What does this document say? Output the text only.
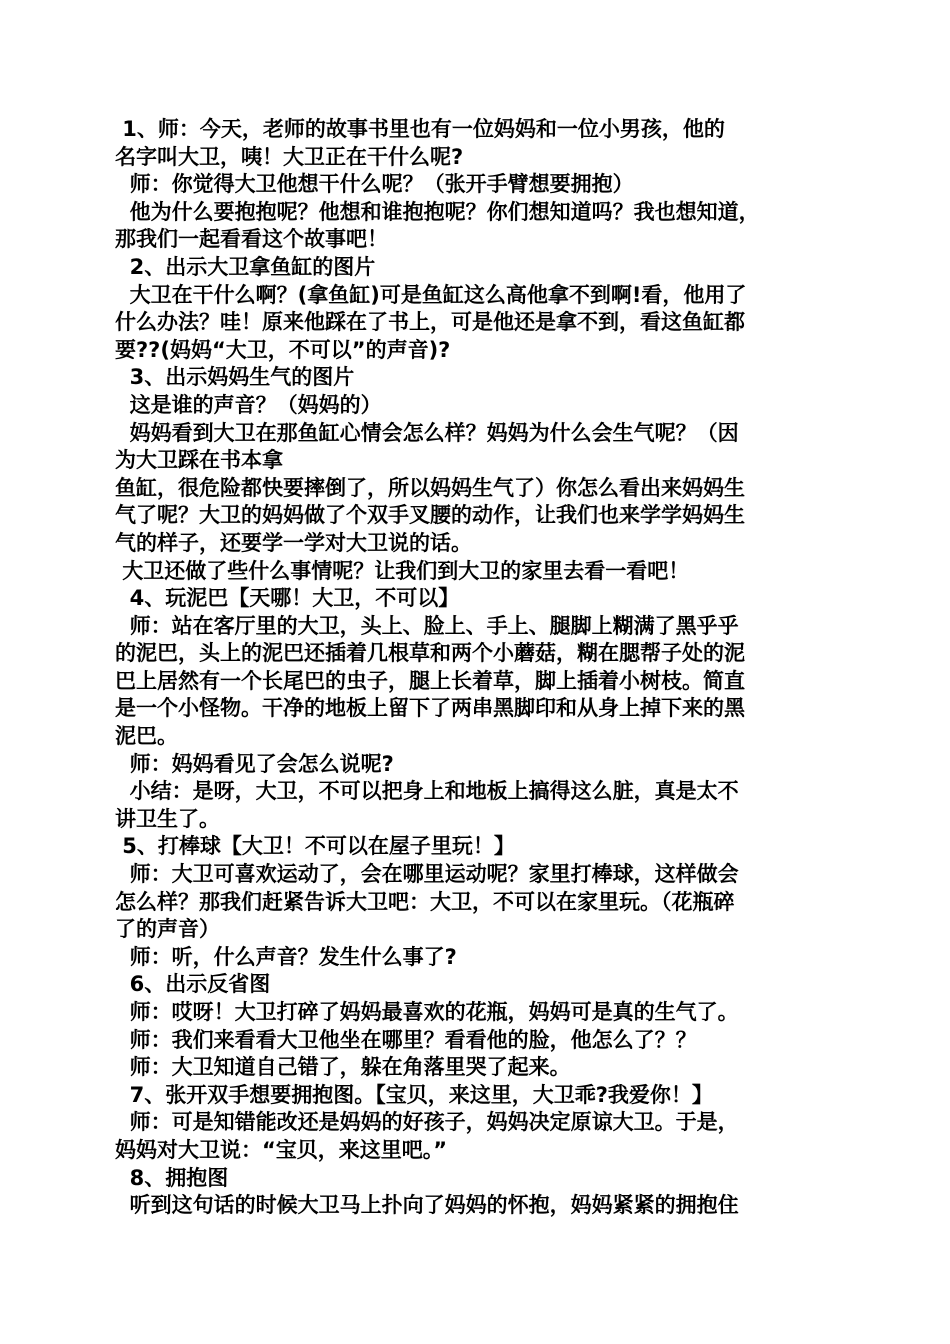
1、师：今天，老师的故事书里也有一位妈妈和一位小男孩，他的
名字叫大卫，咦！大卫正在干什么呢?
师：你觉得大卫他想干什么呢？（张开手臂想要拥抱）
他为什么要抱抱呢？他想和谁抱抱呢？你们想知道吗？我也想知道，
那我们一起看看这个故事吧！
2、出示大卫拿鱼缸的图片
大卫在干什么啊？(拿鱼缸)可是鱼缸这么高他拿不到啊!看，他用了
什么办法？哇！原来他踩在了书上，可是他还是拿不到，看这鱼缸都
要??(妈妈“大卫，不可以”的声音)?
3、出示妈妈生气的图片
这是谁的声音？（妈妈的）
妈妈看到大卫在那鱼缸心情会怎么样？妈妈为什么会生气呢？（因
为大卫踩在书本拿
鱼缸，很危险都快要摔倒了，所以妈妈生气了）你怎么看出来妈妈生
气了呢？大卫的妈妈做了个双手叉腰的动作，让我们也来学学妈妈生
气的样子，还要学一学对大卫说的话。
大卫还做了些什么事情呢？让我们到大卫的家里去看一看吧！
4、玩泥巴【天哪！大卫，不可以】
师：站在客厅里的大卫，头上、脸上、手上、腿脚上糊满了黑乎乎
的泥巴，头上的泥巴还插着几根草和两个小蘑菇，糊在腮帮子处的泥
巴上居然有一个长尾巴的虫子，腿上长着草，脚上插着小树枝。简直
是一个小怪物。干净的地板上留下了两串黑脚印和从身上掉下来的黑
泥巴。
师：妈妈看见了会怎么说呢?
小结：是呀，大卫，不可以把身上和地板上搞得这么脏，真是太不
讲卫生了。
5、打棒球【大卫！不可以在屋子里玩！】
师：大卫可喜欢运动了，会在哪里运动呢？家里打棒球，这样做会
怎么样？那我们赶紧告诉大卫吧：大卫，不可以在家里玩。（花瓶碎
了的声音）
师：听，什么声音？发生什么事了?
6、出示反省图
师：哎呀！大卫打碎了妈妈最喜欢的花瓶，妈妈可是真的生气了。
师：我们来看看大卫他坐在哪里？看看他的脸，他怎么了？？
师：大卫知道自己错了，躲在角落里哭了起来。
7、张开双手想要拥抱图。【宝贝，来这里，大卫乖?我爱你！】
师：可是知错能改还是妈妈的好孩子，妈妈决定原谅大卫。于是，
妈妈对大卫说：“宝贝，来这里吧。”
8、拥抱图
听到这句话的时候大卫马上扑向了妈妈的怀抱，妈妈紧紧的拥抱住
